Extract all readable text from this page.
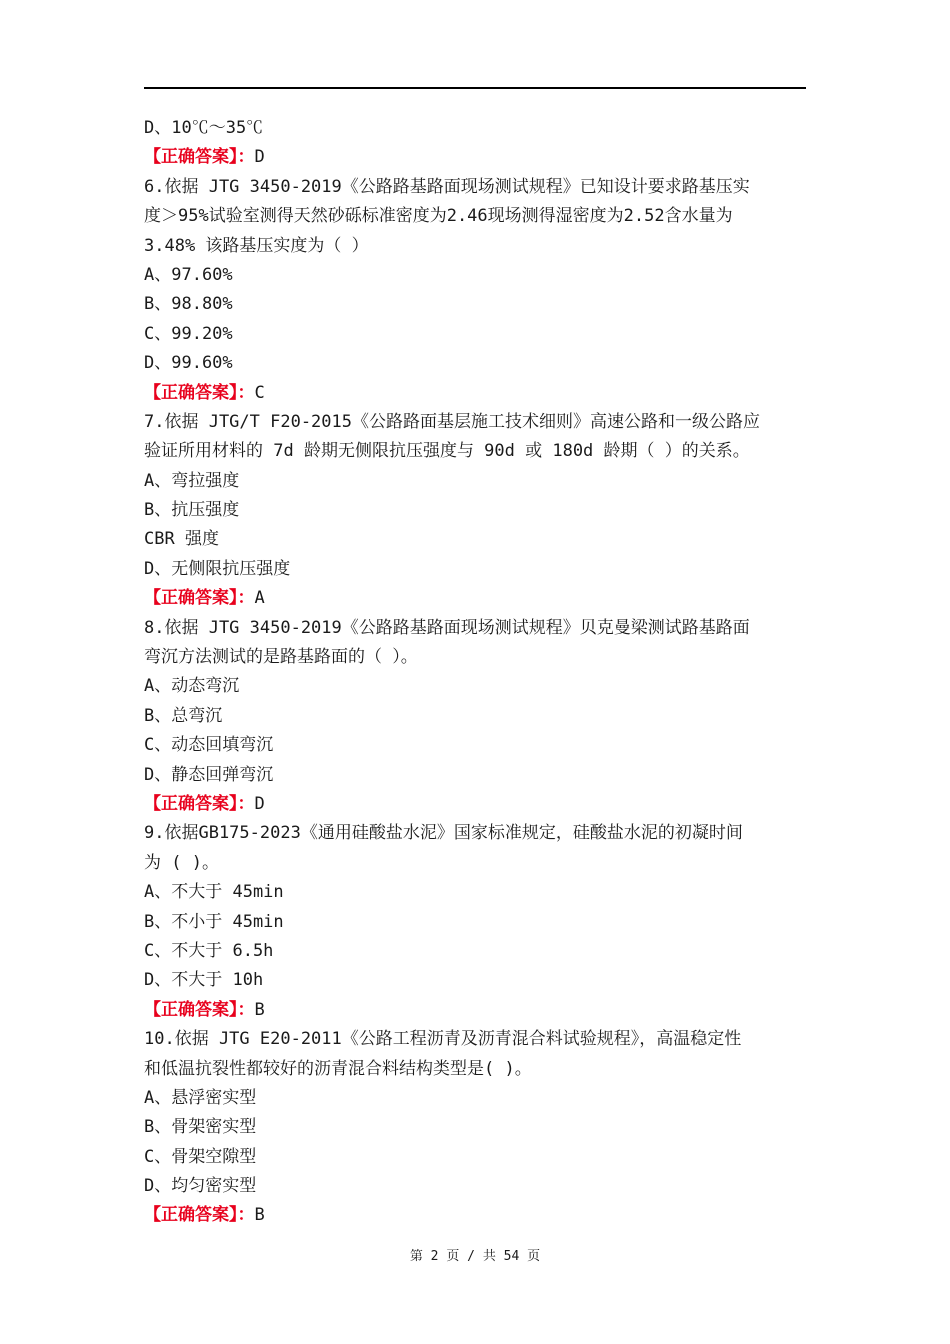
D、10℃～35℃
【正确答案】：D
6.依据 JTG 3450-2019《公路路基路面现场测试规程》已知设计要求路基压实
度＞95%试验室测得天然砂砾标准密度为2.46现场测得湿密度为2.52含水量为
3.48% 该路基压实度为（ ）
A、97.60%
B、98.80%
C、99.20%
D、99.60%
【正确答案】：C
7.依据 JTG/T F20-2015《公路路面基层施工技术细则》高速公路和一级公路应
验证所用材料的 7d 龄期无侧限抗压强度与 90d 或 180d 龄期（ ）的关系。
A、弯拉强度
B、抗压强度
CBR 强度
D、无侧限抗压强度
【正确答案】：A
8.依据 JTG 3450-2019《公路路基路面现场测试规程》贝克曼梁测试路基路面
弯沉方法测试的是路基路面的（ ）。
A、动态弯沉
B、总弯沉
C、动态回填弯沉
D、静态回弹弯沉
【正确答案】：D
9.依据GB175-2023《通用硅酸盐水泥》国家标准规定，硅酸盐水泥的初凝时间
为 ( )。
A、不大于 45min
B、不小于 45min
C、不大于 6.5h
D、不大于 10h
【正确答案】：B
10.依据 JTG E20-2011《公路工程沥青及沥青混合料试验规程》，高温稳定性
和低温抗裂性都较好的沥青混合料结构类型是( )。
A、悬浮密实型
B、骨架密实型
C、骨架空隙型
D、均匀密实型
【正确答案】：B
第 2 页 / 共 54 页
